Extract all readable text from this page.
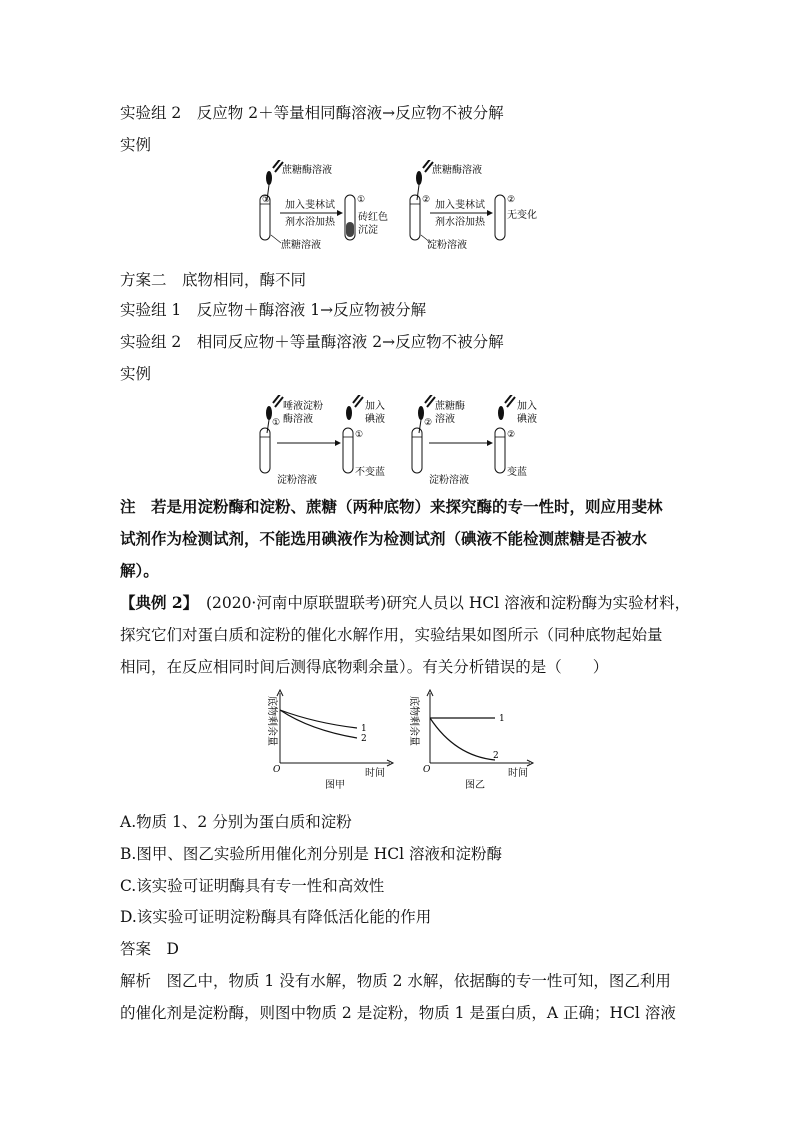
实验组 2　反应物 2＋等量相同酶溶液→反应物不被分解
实例
①
蔗糖酶溶液
蔗糖溶液
加入斐林试
剂水浴加热
①
砖红色
沉淀
②
蔗糖酶溶液
淀粉溶液
加入斐林试
剂水浴加热
②
无变化
方案二　底物相同，酶不同
实验组 1　反应物＋酶溶液 1→反应物被分解
实验组 2　相同反应物＋等量酶溶液 2→反应物不被分解
实例
①
唾液淀粉
酶溶液
淀粉溶液
①
加入
碘液
不变蓝
②
蔗糖酶
溶液
淀粉溶液
②
加入
碘液
变蓝
注　若是用淀粉酶和淀粉、蔗糖（两种底物）来探究酶的专一性时，则应用斐林
试剂作为检测试剂，不能选用碘液作为检测试剂（碘液不能检测蔗糖是否被水
解）。
【典例 2】　(2020·河南中原联盟联考)研究人员以 HCl 溶液和淀粉酶为实验材料，
探究它们对蛋白质和淀粉的催化水解作用，实验结果如图所示（同种底物起始量
相同，在反应相同时间后测得底物剩余量）。有关分析错误的是（　　）
O	时间
图甲
底物剩余量	1
2
O	时间
图乙
底物剩余量	1
2
A.物质 1、2 分别为蛋白质和淀粉
B.图甲、图乙实验所用催化剂分别是 HCl 溶液和淀粉酶
C.该实验可证明酶具有专一性和高效性
D.该实验可证明淀粉酶具有降低活化能的作用
答案　D
解析　图乙中，物质 1 没有水解，物质 2 水解，依据酶的专一性可知，图乙利用
的催化剂是淀粉酶，则图中物质 2 是淀粉，物质 1 是蛋白质，A 正确；HCl 溶液
